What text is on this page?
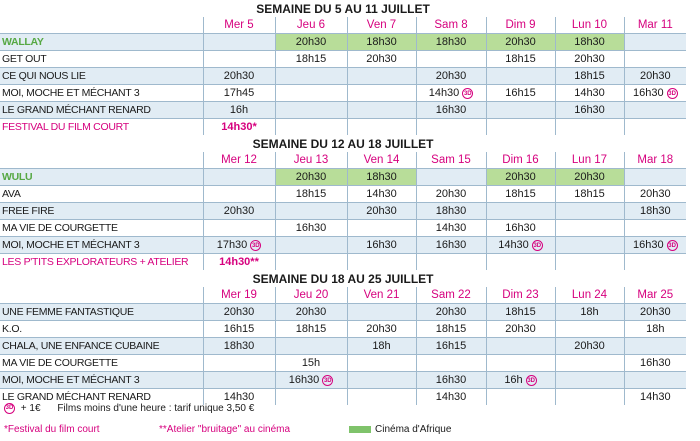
SEMAINE DU 5 AU 11 JUILLET							
	Mer 5	Jeu 6	Ven 7	Sam 8	Dim 9	Lun 10	Mar 11
WALLAY		20h30	18h30	18h30	20h30	18h30	
GET OUT		18h15	20h30		18h15	20h30	
CE QUI NOUS LIE	20h30			20h30		18h15	20h30
MOI, MOCHE ET MÉCHANT 3	17h45			14h30 3D	16h15	14h30	16h30 3D
LE GRAND MÉCHANT RENARD	16h			16h30		16h30	
FESTIVAL DU FILM COURT	14h30*						
SEMAINE DU 12 AU 18 JUILLET							
	Mer 12	Jeu 13	Ven 14	Sam 15	Dim 16	Lun 17	Mar 18
WULU		20h30	18h30		20h30	20h30	
AVA		18h15	14h30	20h30	18h15	18h15	20h30
FREE FIRE	20h30		20h30	18h30			18h30
MA VIE DE COURGETTE		16h30		14h30	16h30		
MOI, MOCHE ET MÉCHANT 3	17h30 3D		16h30	16h30	14h30 3D		16h30 3D
LES P'TITS EXPLORATEURS + ATELIER	14h30**						
SEMAINE DU 18 AU 25 JUILLET							
	Mer 19	Jeu 20	Ven 21	Sam 22	Dim 23	Lun 24	Mar 25
UNE FEMME FANTASTIQUE	20h30	20h30		20h30	18h15	18h	20h30
K.O.	16h15	18h15	20h30	18h15	20h30		18h
CHALA, UNE ENFANCE CUBAINE	18h30		18h	16h15		20h30	
MA VIE DE COURGETTE		15h					16h30
MOI, MOCHE ET MÉCHANT 3		16h30 3D		16h30	16h 3D		
LE GRAND MÉCHANT RENARD	14h30			14h30			14h30
3D + 1€ Films moins d'une heure : tarif unique 3,50 €
*Festival du film court	**Atelier "bruitage" au cinéma	Cinéma d'Afrique
